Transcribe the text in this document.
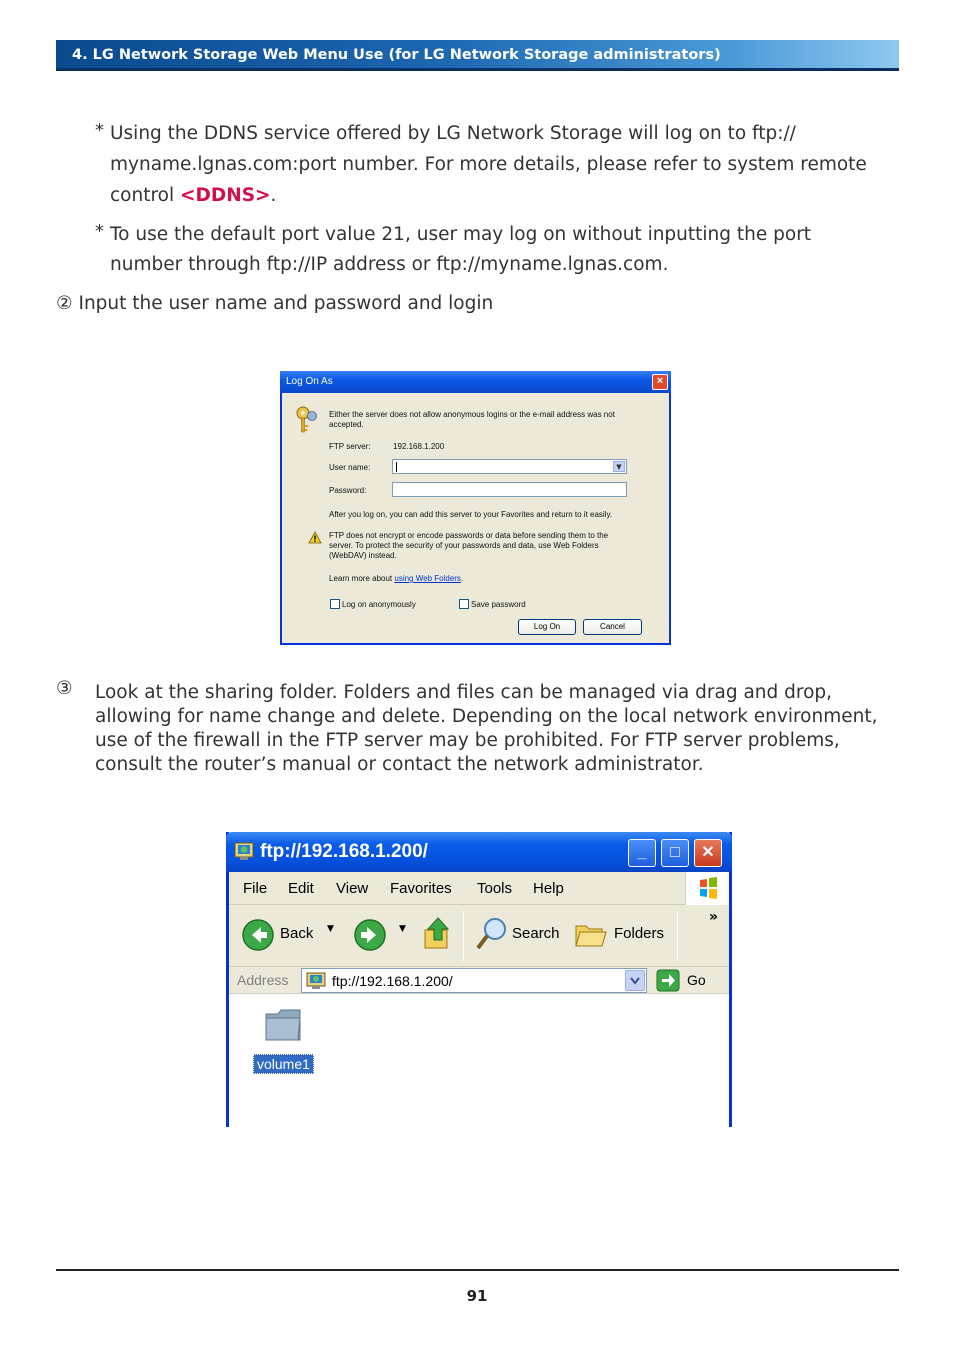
4. LG Network Storage Web Menu Use (for LG Network Storage administrators)
* Using the DDNS service offered by LG Network Storage will log on to ftp://
myname.lgnas.com:port number. For more details, please refer to system remote
control <DDNS>.
* To use the default port value 21, user may log on without inputting the port
number through ftp://IP address or ftp://myname.lgnas.com.
② Input the user name and password and login
Log On As	×
Either the server does not allow anonymous logins or the e-mail address was not
accepted.
FTP server:	192.168.1.200
User name:	▼
Password:
After you log on, you can add this server to your Favorites and return to it easily.
FTP does not encrypt or encode passwords or data before sending them to the
server. To protect the security of your passwords and data, use Web Folders
(WebDAV) instead.
Learn more about using Web Folders.
Log on anonymously	Save password
Log On	Cancel
③ Look at the sharing folder. Folders and files can be managed via drag and drop,
allowing for name change and delete. Depending on the local network environment,
use of the firewall in the FTP server may be prohibited. For FTP server problems,
consult the router’s manual or contact the network administrator.
ftp://192.168.1.200/	_	□	✕
File Edit View Favorites Tools Help
Back ▼	▼	Search	Folders
»
Address	ftp://192.168.1.200/	Go
volume1
91
